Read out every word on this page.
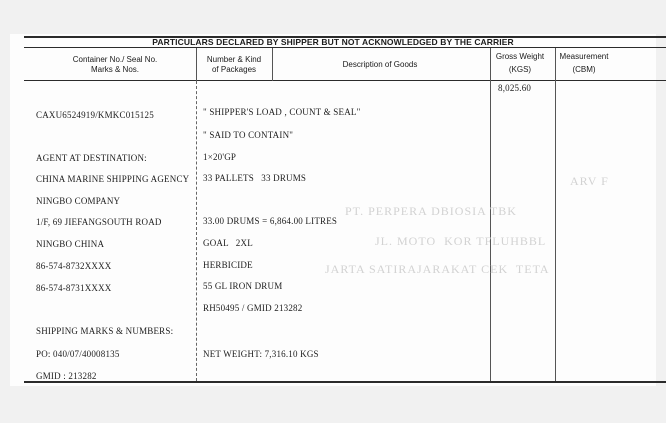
PARTICULARS DECLARED BY SHIPPER BUT NOT ACKNOWLEDGED BY THE CARRIER
Container No./ Seal No.
Marks & Nos.
Number & Kind
of Packages
Description of Goods
Gross Weight
(KGS)
Measurement
(CBM)
ARV F
PT. PERPERA DBIOSIA TBK
JL. MOTO  KOR TFLUHBBL
JARTA SATIRAJARAKAT CEK  TETA
8,025.60
CAXU6524919/KMKC015125
AGENT AT DESTINATION:
CHINA MARINE SHIPPING AGENCY
NINGBO COMPANY
1/F, 69 JIEFANGSOUTH ROAD
NINGBO CHINA
86-574-8732XXXX
86-574-8731XXXX
SHIPPING MARKS & NUMBERS:
PO: 040/07/40008135
GMID : 213282
" SHIPPER'S LOAD , COUNT & SEAL"
" SAID TO CONTAIN"
1×20'GP
33 PALLETS   33 DRUMS
33.00 DRUMS = 6,864.00 LITRES
GOAL   2XL
HERBICIDE
55 GL IRON DRUM
RH50495 / GMID 213282
NET WEIGHT: 7,316.10 KGS
